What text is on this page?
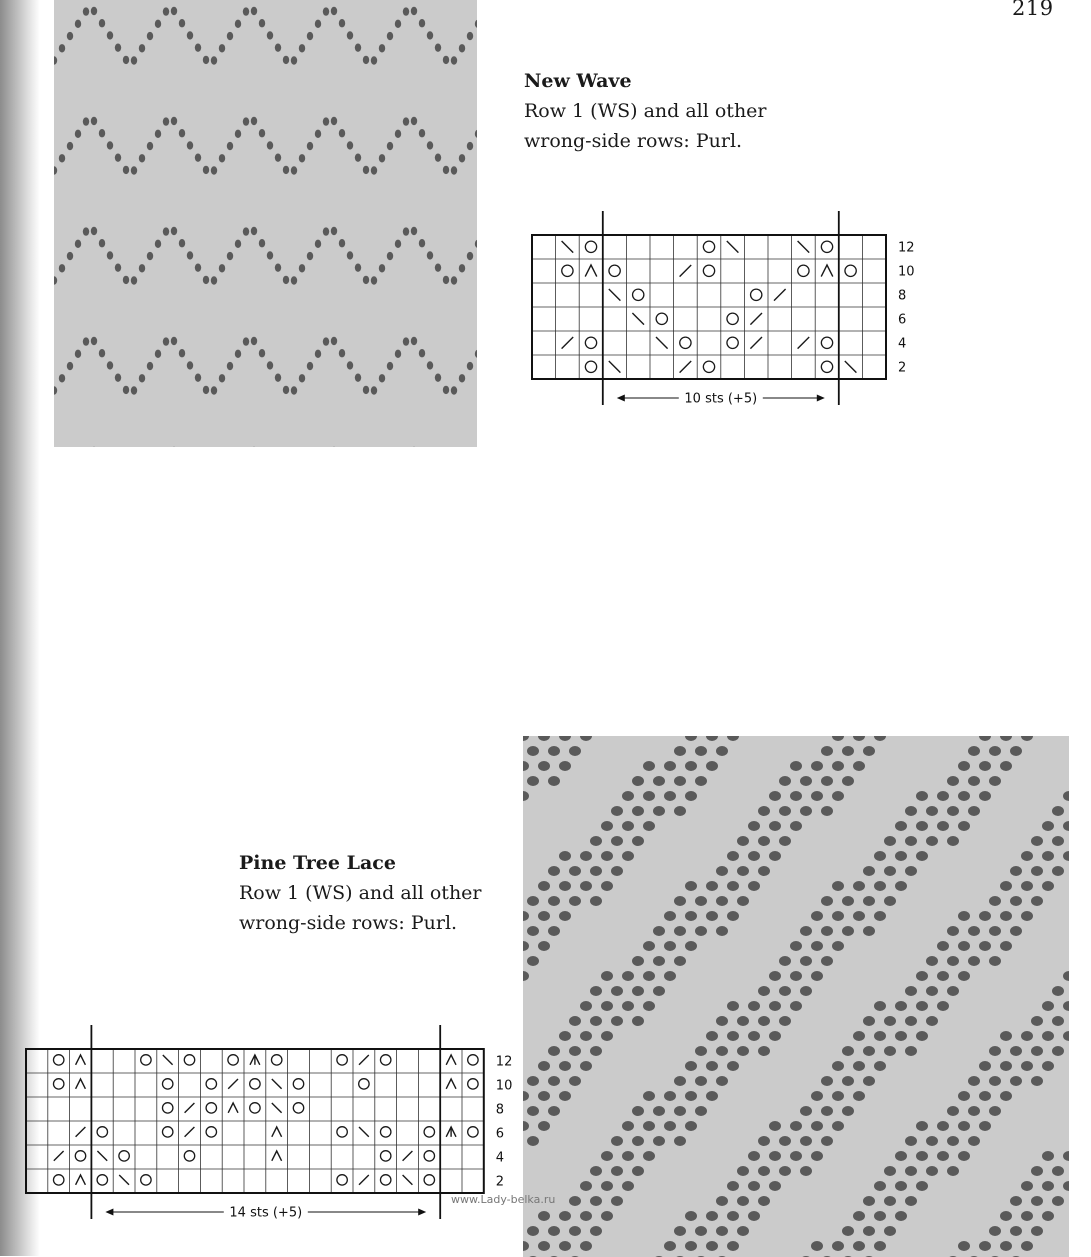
219
New Wave
Row 1 (WS) and all other
wrong-side rows: Purl.
10 sts (+5)
12
10
8
6
4
2
Pine Tree Lace
Row 1 (WS) and all other
wrong-side rows: Purl.
14 sts (+5)
12
10
8
6
4
2
www.Lady-belka.ru
